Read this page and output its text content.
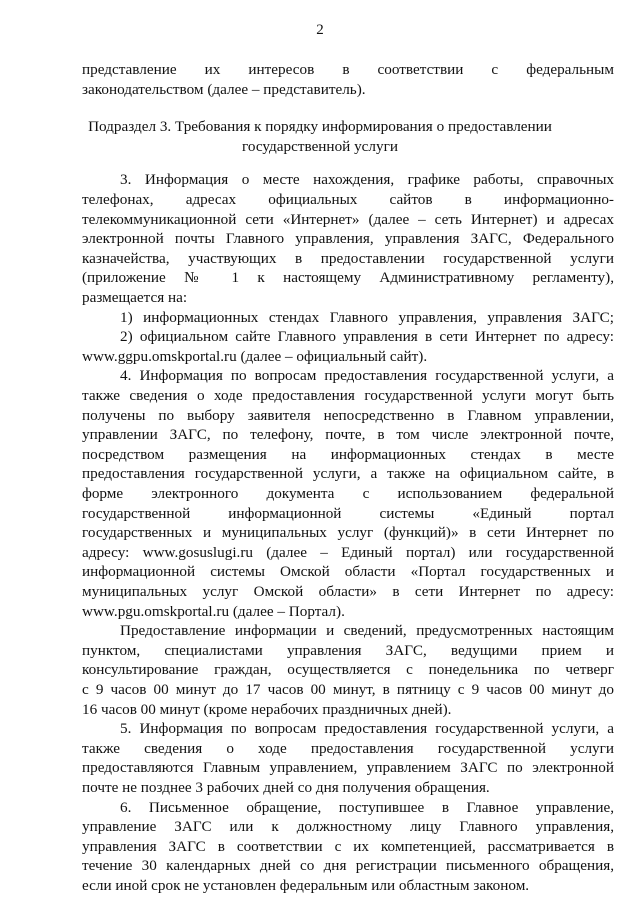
2
представление их интересов в соответствии с федеральным
законодательством (далее – представитель).
Подраздел 3. Требования к порядку информирования о предоставлении
государственной услуги
3. Информация о месте нахождения, графике работы, справочных
телефонах, адресах официальных сайтов в информационно-
телекоммуникационной сети «Интернет» (далее – сеть Интернет) и адресах
электронной почты Главного управления, управления ЗАГС, Федерального
казначейства, участвующих в предоставлении государственной услуги
(приложение № 1 к настоящему Административному регламенту),
размещается на:
1) информационных стендах Главного управления, управления ЗАГС;
2) официальном сайте Главного управления в сети Интернет по адресу:
www.ggpu.omskportal.ru (далее – официальный сайт).
4. Информация по вопросам предоставления государственной услуги, а
также сведения о ходе предоставления государственной услуги могут быть
получены по выбору заявителя непосредственно в Главном управлении,
управлении ЗАГС, по телефону, почте, в том числе электронной почте,
посредством размещения на информационных стендах в месте
предоставления государственной услуги, а также на официальном сайте, в
форме электронного документа с использованием федеральной
государственной информационной системы «Единый портал
государственных и муниципальных услуг (функций)» в сети Интернет по
адресу: www.gosuslugi.ru (далее – Единый портал) или государственной
информационной системы Омской области «Портал государственных и
муниципальных услуг Омской области» в сети Интернет по адресу:
www.pgu.omskportal.ru (далее – Портал).
Предоставление информации и сведений, предусмотренных настоящим
пунктом, специалистами управления ЗАГС, ведущими прием и
консультирование граждан, осуществляется с понедельника по четверг
с 9 часов 00 минут до 17 часов 00 минут, в пятницу с 9 часов 00 минут до
16 часов 00 минут (кроме нерабочих праздничных дней).
5. Информация по вопросам предоставления государственной услуги, а
также сведения о ходе предоставления государственной услуги
предоставляются Главным управлением, управлением ЗАГС по электронной
почте не позднее 3 рабочих дней со дня получения обращения.
6. Письменное обращение, поступившее в Главное управление,
управление ЗАГС или к должностному лицу Главного управления,
управления ЗАГС в соответствии с их компетенцией, рассматривается в
течение 30 календарных дней со дня регистрации письменного обращения,
если иной срок не установлен федеральным или областным законом.
